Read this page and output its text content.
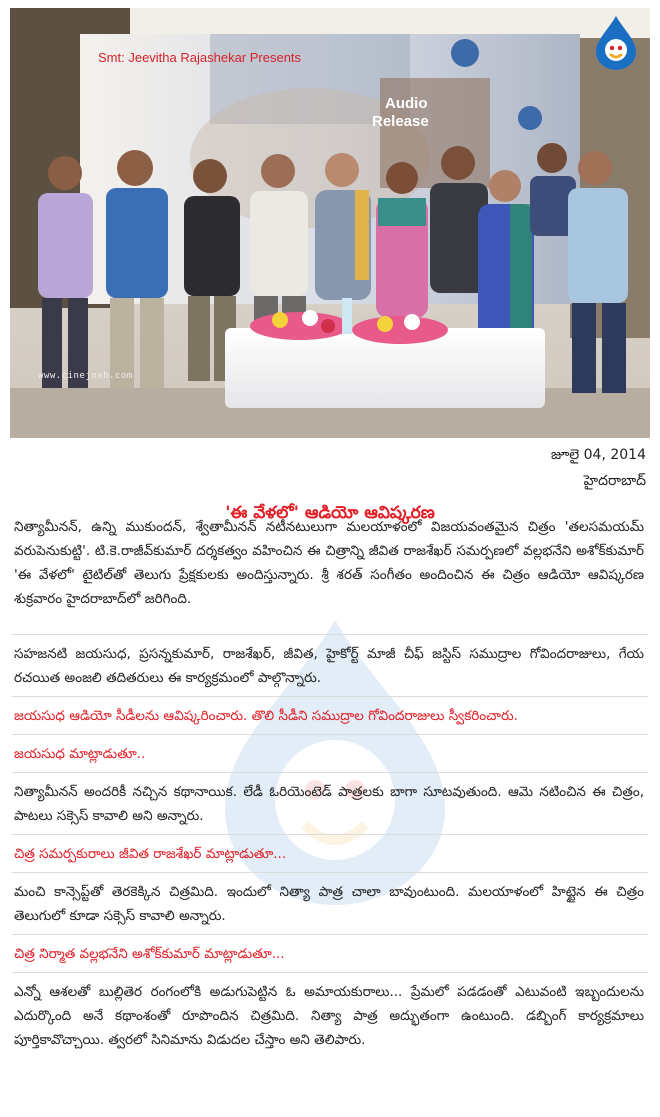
Smt: Jeevitha Rajashekar Presents
Audio
Release
www.cinejosh.com
జూలై 04, 2014
హైదరాబాద్
'ఈ వేళలో' ఆడియో ఆవిష్కరణ

నిత్యామీనన్, ఉన్ని ముకుందన్, శ్వేతామీనన్ నటీనటులుగా మలయాళంలో విజయవంతమైన చిత్రం 'తలసమయమ్ వరుపెనుకుట్టి'. టి.కె.రాజీవ్‌కుమార్ దర్శకత్వం వహించిన ఈ చిత్రాన్ని జీవిత రాజశేఖర్ సమర్పణలో వల్లభనేని అశోక్‌కుమార్ 'ఈ వేళలో' టైటిల్‌తో తెలుగు ప్రేక్షకులకు అందిస్తున్నారు. శ్రీ శరత్ సంగీతం అందించిన ఈ చిత్రం ఆడియో ఆవిష్కరణ శుక్రవారం హైదరాబాద్‌లో జరిగింది.

సహజనటి జయసుధ, ప్రసన్నకుమార్, రాజశేఖర్, జీవిత, హైకోర్ట్ మాజీ చీఫ్ జస్టిస్ సముద్రాల గోవిందరాజులు, గేయ రచయిత అంజలి తదితరులు ఈ కార్యక్రమంలో పాల్గొన్నారు.

జయసుధ ఆడియో సీడీలను ఆవిష్కరించారు. తొలి సీడీని సముద్రాల గోవిందరాజులు స్వీకరించారు.

జయసుధ మాట్లాడుతూ..

నిత్యామీనన్ అందరికీ నచ్చిన కథానాయిక. లేడీ ఓరియెంటెడ్ పాత్రలకు బాగా సూటవుతుంది. ఆమె నటించిన ఈ చిత్రం, పాటలు సక్సెస్ కావాలి అని అన్నారు.

చిత్ర సమర్పకురాలు జీవిత రాజశేఖర్ మాట్లాడుతూ...

మంచి కాన్సెప్ట్‌తో తెరకెక్కిన చిత్రమిది. ఇందులో నిత్యా పాత్ర చాలా బావుంటుంది. మలయాళంలో హిట్టైన ఈ చిత్రం తెలుగులో కూడా సక్సెస్ కావాలి అన్నారు.

చిత్ర నిర్మాత వల్లభనేని అశోక్‌కుమార్ మాట్లాడుతూ...

ఎన్నో ఆశలతో బుల్లితెర రంగంలోకి అడుగుపెట్టిన ఓ అమాయకురాలు... ప్రేమలో పడడంతో ఎటువంటి ఇబ్బందులను ఎదుర్కొంది అనే కథాంశంతో రూపొందిన చిత్రమిది. నిత్యా పాత్ర అద్భుతంగా ఉంటుంది. డబ్బింగ్ కార్యక్రమాలు పూర్తికావొచ్చాయి. త్వరలో సినిమాను విడుదల చేస్తాం అని తెలిపారు.
